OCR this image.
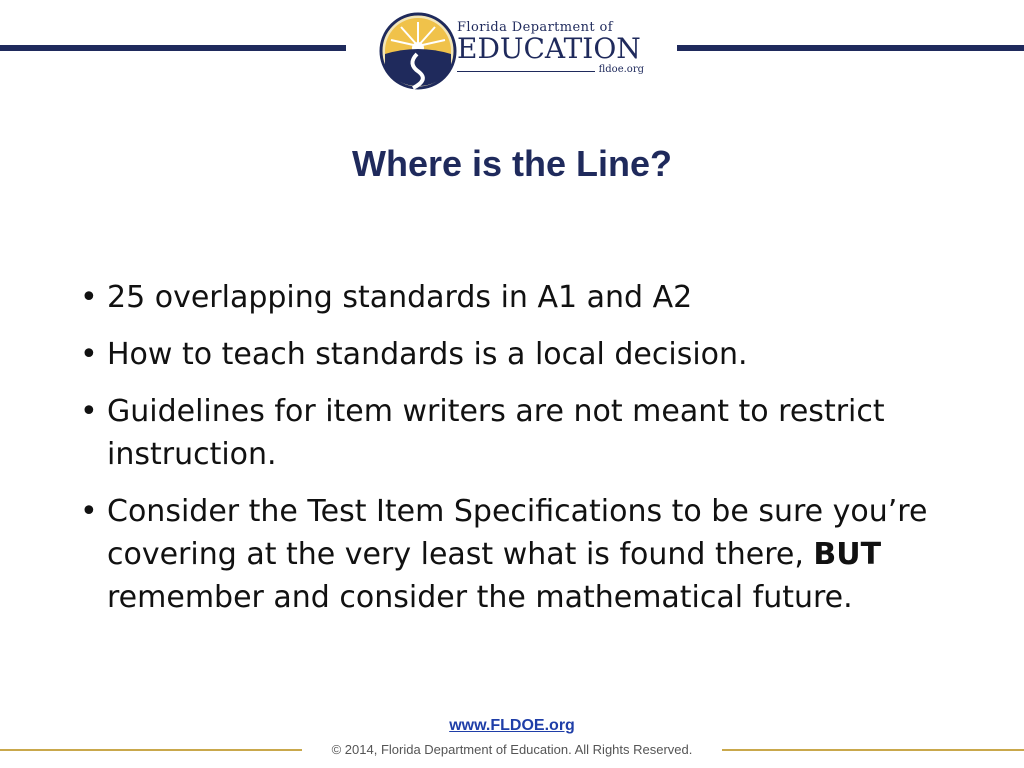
Florida Department of
EDUCATION
fldoe.org
Where is the Line?
• 25 overlapping standards in A1 and A2
• How to teach standards is a local decision.
• Guidelines for item writers are not meant to restrict instruction.
• Consider the Test Item Specifications to be sure you’re covering at the very least what is found there, BUT remember and consider the mathematical future.
www.FLDOE.org
© 2014, Florida Department of Education. All Rights Reserved.
